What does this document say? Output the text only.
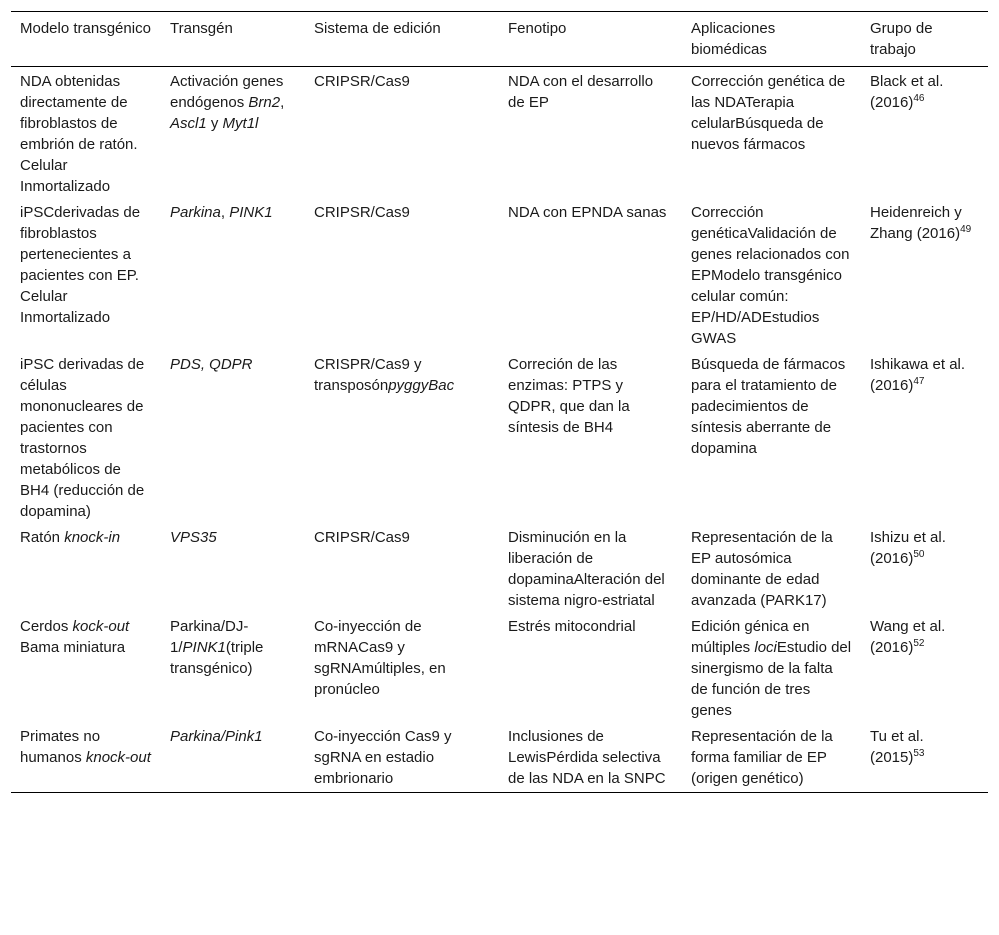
Modelo transgénico	Transgén	Sistema de edición	Fenotipo	Aplicaciones biomédicas	Grupo de trabajo
NDA obtenidas directamente de fibroblastos de embrión de ratón. Celular Inmortalizado	Activación genes endógenos Brn2, Ascl1 y Myt1l	CRIPSR/Cas9	NDA con el desarrollo de EP	Corrección genética de las NDATerapia celularBúsqueda de nuevos fármacos	Black et al. $(2016)^{46}$
iPSCderivadas de fibroblastos pertenecientes a pacientes con EP. Celular Inmortalizado	Parkina, PINK1	CRIPSR/Cas9	NDA con EPNDA sanas	Corrección genéticaValidación de genes relacionados con EPModelo transgénico celular común: EP/HD/ADEstudios GWAS	Heidenreich y Zhang $(2016)^{49}$
iPSC derivadas de células mononucleares de pacientes con trastornos metabólicos de BH4 (reducción de dopamina)	PDS, QDPR	CRISPR/Cas9 y transposónpyggyBac	Correción de las enzimas: PTPS y QDPR, que dan la síntesis de BH4	Búsqueda de fármacos para el tratamiento de padecimientos de síntesis aberrante de dopamina	Ishikawa et al. $(2016)^{47}$
Ratón knock-in	VPS35	CRIPSR/Cas9	Disminución en la liberación de dopaminaAlteración del sistema nigro-estriatal	Representación de la EP autosómica dominante de edad avanzada (PARK17)	Ishizu et al. $(2016)^{50}$
Cerdos kock-out Bama miniatura	Parkina/DJ-1/PINK1(triple transgénico)	Co-inyección de mRNACas9 y sgRNAmúltiples, en pronúcleo	Estrés mitocondrial	Edición génica en múltiples lociEstudio del sinergismo de la falta de función de tres genes	Wang et al. $(2016)^{52}$
Primates no humanos knock-out	Parkina/Pink1	Co-inyección Cas9 y sgRNA en estadio embrionario	Inclusiones de LewisPérdida selectiva de las NDA en la SNPC	Representación de la forma familiar de EP (origen genético)	Tu et al. $(2015)^{53}$
